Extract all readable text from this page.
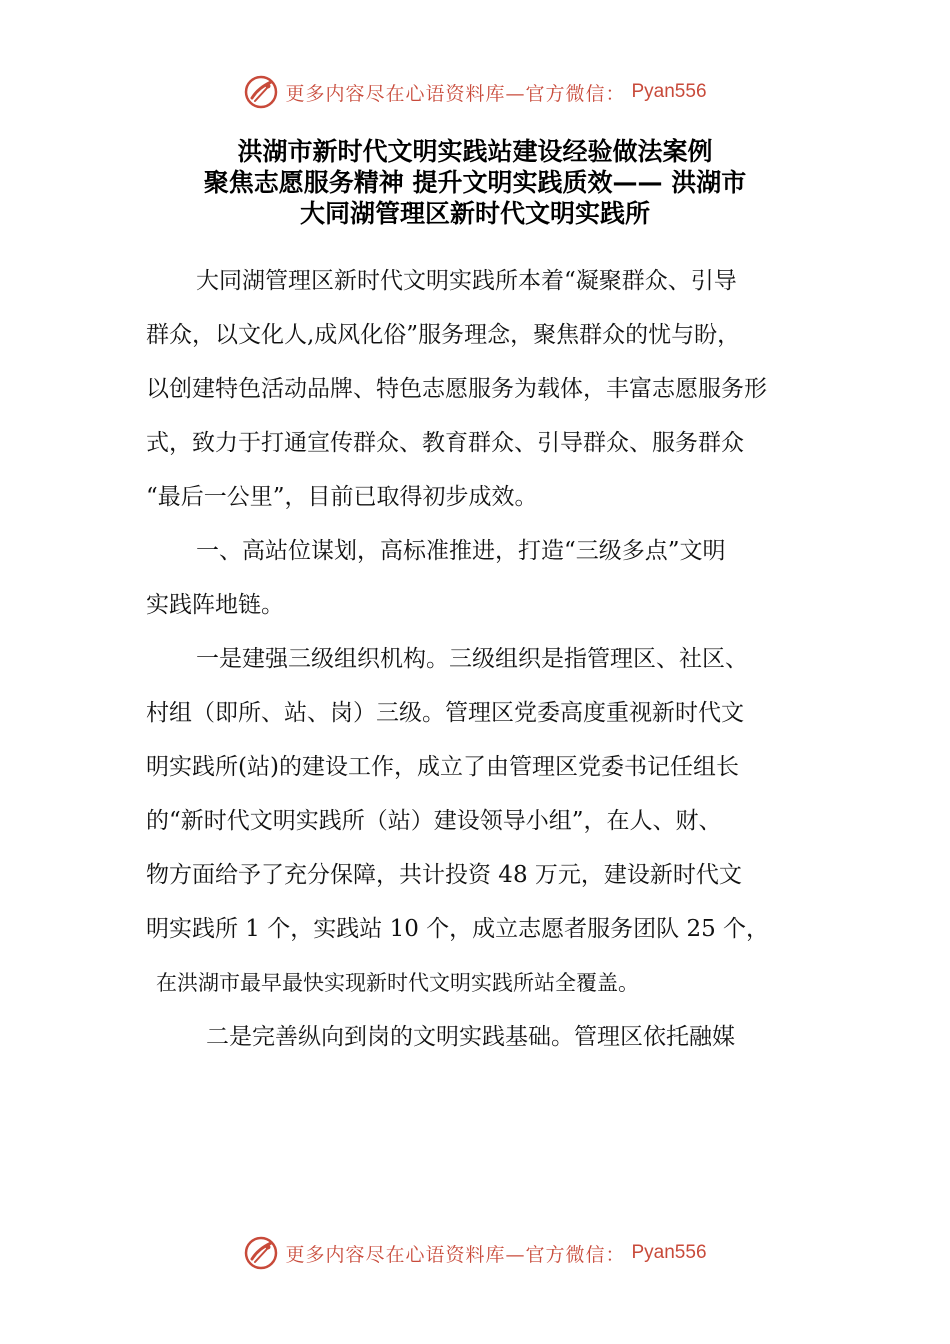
更多内容尽在心语资料库—官方微信： Pyan556
洪湖市新时代文明实践站建设经验做法案例
聚焦志愿服务精神 提升文明实践质效—— 洪湖市
大同湖管理区新时代文明实践所

大同湖管理区新时代文明实践所本着“凝聚群众、引导

群众，以文化人,成风化俗”服务理念，聚焦群众的忧与盼，

以创建特色活动品牌、特色志愿服务为载体，丰富志愿服务形

式，致力于打通宣传群众、教育群众、引导群众、服务群众

“最后一公里”，目前已取得初步成效。

一、高站位谋划，高标准推进，打造“三级多点”文明

实践阵地链。

一是建强三级组织机构。三级组织是指管理区、社区、

村组（即所、站、岗）三级。管理区党委高度重视新时代文

明实践所(站)的建设工作，成立了由管理区党委书记任组长

的“新时代文明实践所（站）建设领导小组”，在人、财、

物方面给予了充分保障，共计投资 48 万元，建设新时代文

明实践所 1 个，实践站 10 个，成立志愿者服务团队 25 个，

在洪湖市最早最快实现新时代文明实践所站全覆盖。

二是完善纵向到岗的文明实践基础。管理区依托融媒

更多内容尽在心语资料库—官方微信： Pyan556
